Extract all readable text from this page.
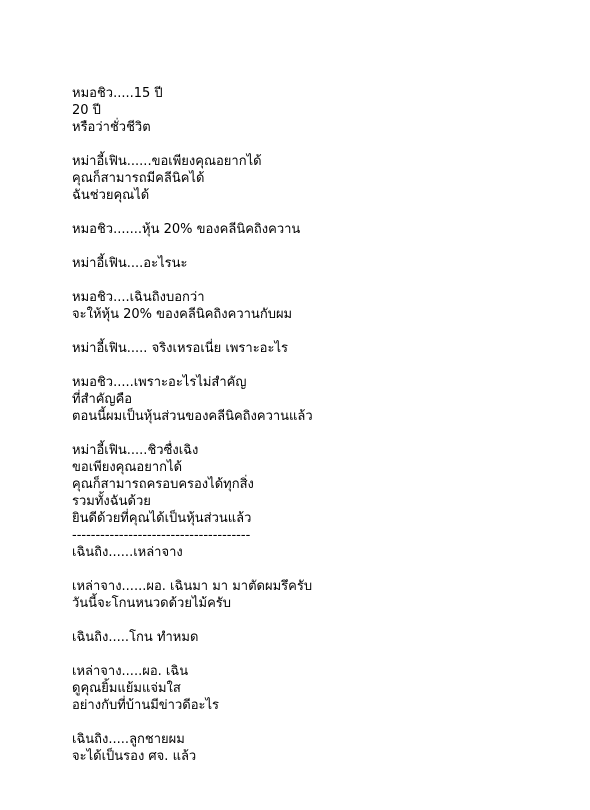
หมอชิว.....15 ปี
20 ปี
หรือว่าชั่วชีวิต
หม่าอี้เฟิน......ขอเพียงคุณอยากได้
คุณก็สามารถมีคลีนิคได้
ฉันช่วยคุณได้
หมอชิว.......หุ้น 20% ของคลีนิคถิงควาน
หม่าอี้เฟิน....อะไรนะ
หมอชิว....เฉินถิงบอกว่า
จะให้หุ้น 20% ของคลีนิคถิงควานกับผม
หม่าอี้เฟิน..... จริงเหรอเนี่ย เพราะอะไร
หมอชิว.....เพราะอะไรไม่สำคัญ
ที่สำคัญคือ
ตอนนี้ผมเป็นหุ้นส่วนของคลีนิคถิงควานแล้ว
หม่าอี้เฟิน.....ชิวซื่งเฉิง
ขอเพียงคุณอยากได้
คุณก็สามารถครอบครองได้ทุกสิ่ง
รวมทั้งฉันด้วย
ยินดีด้วยที่คุณได้เป็นหุ้นส่วนแล้ว
--------------------------------------
เฉินถิง......เหล่าจาง
เหล่าจาง......ผอ. เฉินมา มา มาตัดผมรึครับ
วันนี้จะโกนหนวดด้วยไม้ครับ
เฉินถิง.....โกน ทำหมด
เหล่าจาง.....ผอ. เฉิน
ดูคุณยิ้มแย้มแจ่มใส
อย่างกับที่บ้านมีข่าวดีอะไร
เฉินถิง.....ลูกชายผม
จะได้เป็นรอง ศจ. แล้ว
